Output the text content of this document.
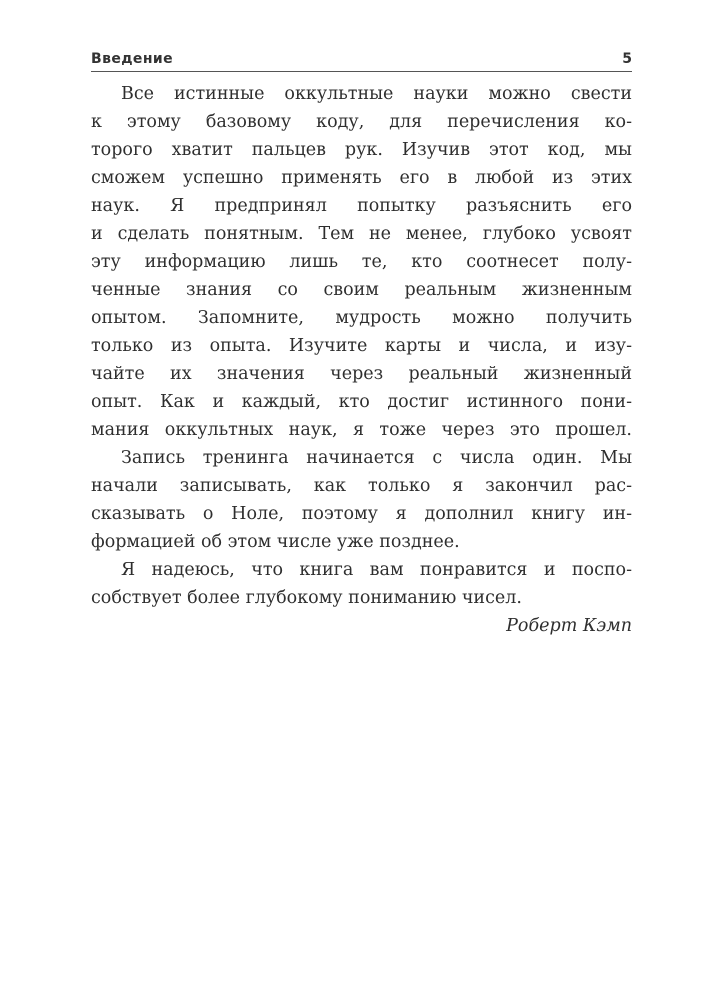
Введение	5
Все истинные оккультные науки можно свести
к этому базовому коду, для перечисления ко-
торого хватит пальцев рук. Изучив этот код, мы
сможем успешно применять его в любой из этих
наук. Я предпринял попытку разъяснить его
и сделать понятным. Тем не менее, глубоко усвоят
эту информацию лишь те, кто соотнесет полу-
ченные знания со своим реальным жизненным
опытом. Запомните, мудрость можно получить
только из опыта. Изучите карты и числа, и изу-
чайте их значения через реальный жизненный
опыт. Как и каждый, кто достиг истинного пони-
мания оккультных наук, я тоже через это прошел.
Запись тренинга начинается с числа один. Мы
начали записывать, как только я закончил рас-
сказывать о Ноле, поэтому я дополнил книгу ин-
формацией об этом числе уже позднее.
Я надеюсь, что книга вам понравится и поспо-
собствует более глубокому пониманию чисел.
Роберт Кэмп
